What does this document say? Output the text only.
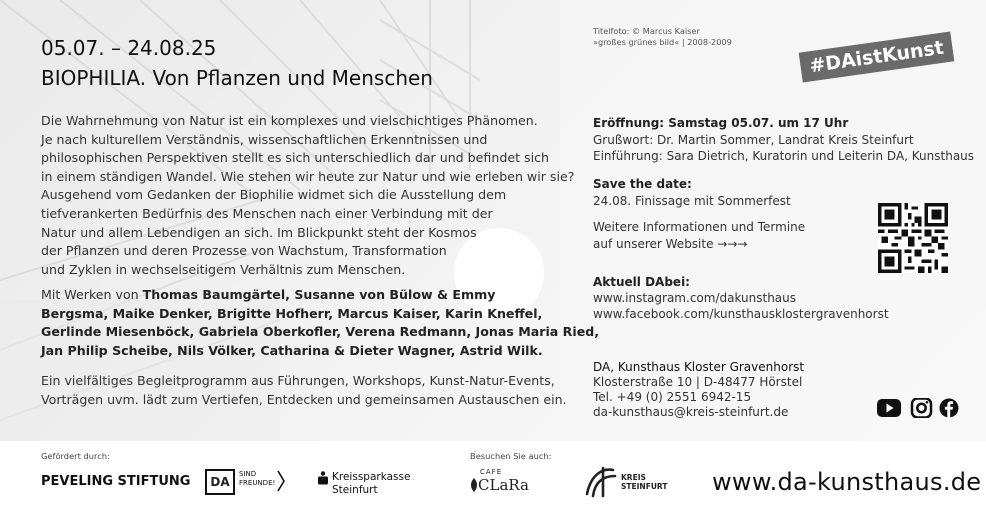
05.07. – 24.08.25
BIOPHILIA. Von Pflanzen und Menschen
Titelfoto: © Marcus Kaiser
»großes grünes bild« | 2008-2009	#DAistKunst

Die Wahrnehmung von Natur ist ein komplexes und vielschichtiges Phänomen.

Je nach kulturellem Verständnis, wissenschaftlichen Erkenntnissen und

philosophischen Perspektiven stellt es sich unterschiedlich dar und befindet sich

in einem ständigen Wandel. Wie stehen wir heute zur Natur und wie erleben wir sie?

Ausgehend vom Gedanken der Biophilie widmet sich die Ausstellung dem

tiefverankerten Bedürfnis des Menschen nach einer Verbindung mit der

Natur und allem Lebendigen an sich. Im Blickpunkt steht der Kosmos

der Pflanzen und deren Prozesse von Wachstum, Transformation

und Zyklen in wechselseitigem Verhältnis zum Menschen.

Mit Werken von Thomas Baumgärtel, Susanne von Bülow & Emmy
Bergsma, Maike Denker, Brigitte Hofherr, Marcus Kaiser, Karin Kneffel,
Gerlinde Miesenböck, Gabriela Oberkofler, Verena Redmann, Jonas Maria Ried,
Jan Philip Scheibe, Nils Völker, Catharina & Dieter Wagner, Astrid Wilk.
Ein vielfältiges Begleitprogramm aus Führungen, Workshops, Kunst-Natur-Events,
Vorträgen uvm. lädt zum Vertiefen, Entdecken und gemeinsamen Austauschen ein.
Eröffnung: Samstag 05.07. um 17 Uhr
Grußwort: Dr. Martin Sommer, Landrat Kreis Steinfurt
Einführung: Sara Dietrich, Kuratorin und Leiterin DA, Kunsthaus
Save the date:
24.08. Finissage mit Sommerfest
Weitere Informationen und Termine
auf unserer Website →→→
Aktuell DAbei:
www.instagram.com/dakunsthaus
www.facebook.com/kunsthausklostergravenhorst
DA, Kunsthaus Kloster Gravenhorst
Klosterstraße 10 | D-48477 Hörstel
Tel. +49 (0) 2551 6942-15
da-kunsthaus@kreis-steinfurt.de
Gefördert durch:	Besuchen Sie auch:
PEVELING STIFTUNG	DA
SIND
FREUNDE!	Kreissparkasse
Steinfurt
CAFE
CLaRa	KREIS
STEINFURT www.da-kunsthaus.de
